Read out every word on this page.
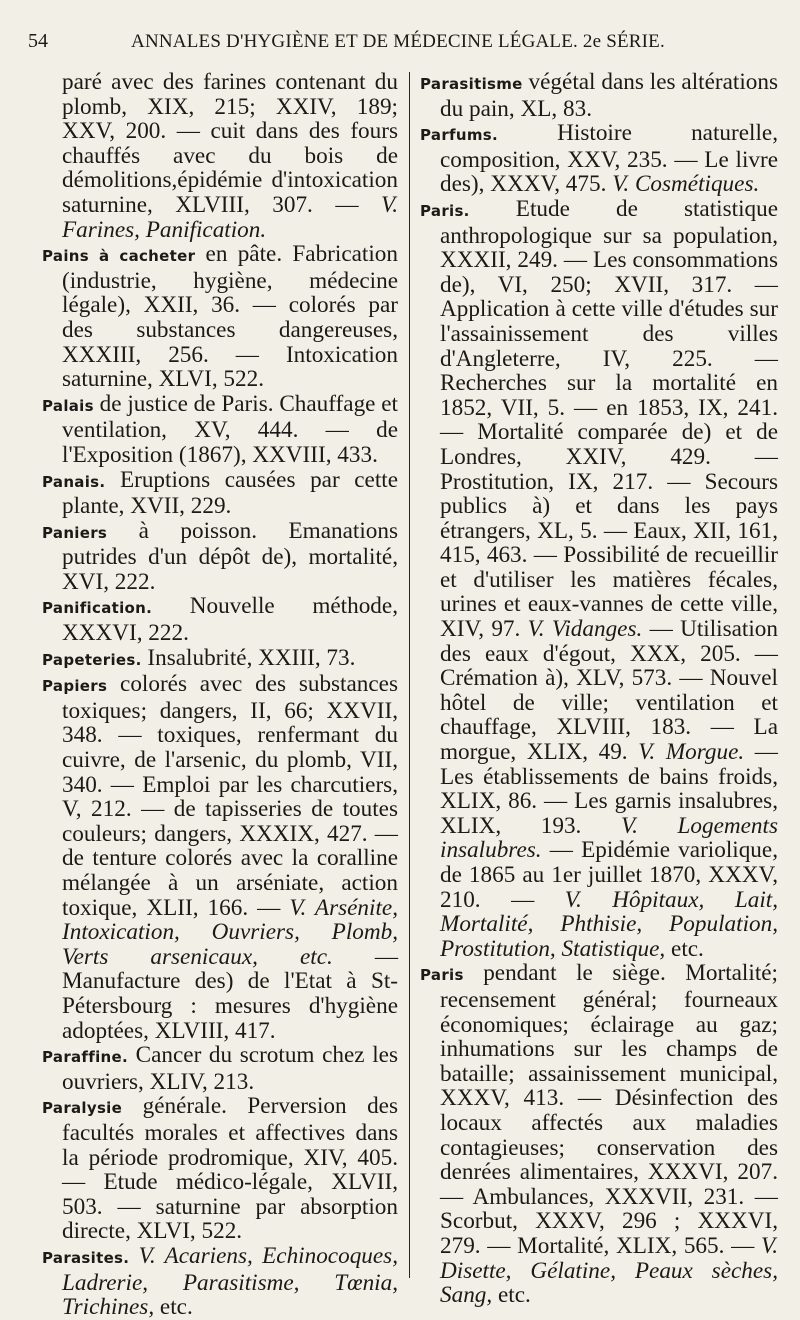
54	ANNALES D'HYGIÈNE ET DE MÉDECINE LÉGALE. 2e SÉRIE.

paré avec des farines contenant du plomb, XIX, 215; XXIV, 189; XXV, 200. — cuit dans des fours chauffés avec du bois de démolitions,épidémie d'intoxication saturnine, XLVIII, 307. — V. Farines, Panification.

Pains à cacheter en pâte. Fabrication (industrie, hygiène, médecine légale), XXII, 36. — colorés par des substances dangereuses, XXXIII, 256. — Intoxication saturnine, XLVI, 522.

Palais de justice de Paris. Chauffage et ventilation, XV, 444. — de l'Exposition (1867), XXVIII, 433.

Panais. Eruptions causées par cette plante, XVII, 229.

Paniers à poisson. Emanations putrides d'un dépôt de), mortalité, XVI, 222.

Panification. Nouvelle méthode, XXXVI, 222.

Papeteries. Insalubrité, XXIII, 73.

Papiers colorés avec des substances toxiques; dangers, II, 66; XXVII, 348. — toxiques, renfermant du cuivre, de l'arsenic, du plomb, VII, 340. — Emploi par les charcutiers, V, 212. — de tapisseries de toutes couleurs; dangers, XXXIX, 427. — de tenture colorés avec la coralline mélangée à un arséniate, action toxique, XLII, 166. — V. Arsénite, Intoxication, Ouvriers, Plomb, Verts arsenicaux, etc. — Manufacture des) de l'Etat à St-Pétersbourg : mesures d'hygiène adoptées, XLVIII, 417.

Paraffine. Cancer du scrotum chez les ouvriers, XLIV, 213.

Paralysie générale. Perversion des facultés morales et affectives dans la période prodromique, XIV, 405. — Etude médico-légale, XLVII, 503. — saturnine par absorption directe, XLVI, 522.

Parasites. V. Acariens, Echinocoques, Ladrerie, Parasitisme, Tœnia, Trichines, etc.

Parasitisme végétal dans les altérations du pain, XL, 83.

Parfums. Histoire naturelle, composition, XXV, 235. — Le livre des), XXXV, 475. V. Cosmétiques.

Paris. Etude de statistique anthropologique sur sa population, XXXII, 249. — Les consommations de), VI, 250; XVII, 317. — Application à cette ville d'études sur l'assainissement des villes d'Angleterre, IV, 225. — Recherches sur la mortalité en 1852, VII, 5. — en 1853, IX, 241. — Mortalité comparée de) et de Londres, XXIV, 429. — Prostitution, IX, 217. — Secours publics à) et dans les pays étrangers, XL, 5. — Eaux, XII, 161, 415, 463. — Possibilité de recueillir et d'utiliser les matières fécales, urines et eaux-vannes de cette ville, XIV, 97. V. Vidanges. — Utilisation des eaux d'égout, XXX, 205. — Crémation à), XLV, 573. — Nouvel hôtel de ville; ventilation et chauffage, XLVIII, 183. — La morgue, XLIX, 49. V. Morgue. — Les établissements de bains froids, XLIX, 86. — Les garnis insalubres, XLIX, 193. V. Logements insalubres. — Epidémie variolique, de 1865 au 1er juillet 1870, XXXV, 210. — V. Hôpitaux, Lait, Mortalité, Phthisie, Population, Prostitution, Statistique, etc.

Paris pendant le siège. Mortalité; recensement général; fourneaux économiques; éclairage au gaz; inhumations sur les champs de bataille; assainissement municipal, XXXV, 413. — Désinfection des locaux affectés aux maladies contagieuses; conservation des denrées alimentaires, XXXVI, 207. — Ambulances, XXXVII, 231. — Scorbut, XXXV, 296 ; XXXVI, 279. — Mortalité, XLIX, 565. — V. Disette, Gélatine, Peaux sèches, Sang, etc.
